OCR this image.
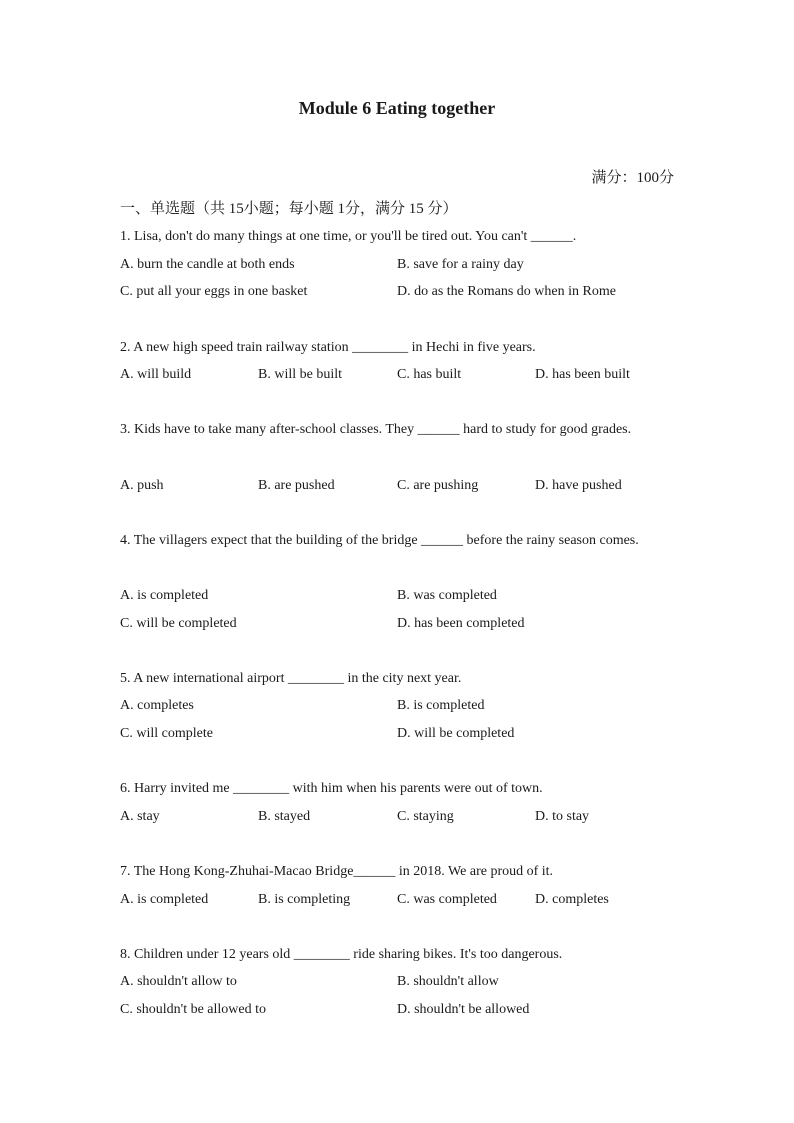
Module 6 Eating together
满分：100分
一、单选题（共 15小题；每小题 1分，满分 15 分）
1. Lisa, don't do many things at one time, or you'll be tired out. You can't ______.
A. burn the candle at both ends	B. save for a rainy day
C. put all your eggs in one basket	D. do as the Romans do when in Rome
2. A new high speed train railway station ________ in Hechi in five years.
A. will build	B. will be built	C. has built	D. has been built
3. Kids have to take many after-school classes. They ______ hard to study for good grades.
A. push	B. are pushed	C. are pushing	D. have pushed
4. The villagers expect that the building of the bridge ______ before the rainy season comes.
A. is completed	B. was completed
C. will be completed	D. has been completed
5. A new international airport ________ in the city next year.
A. completes	B. is completed
C. will complete	D. will be completed
6. Harry invited me ________ with him when his parents were out of town.
A. stay	B. stayed	C. staying	D. to stay
7. The Hong Kong-Zhuhai-Macao Bridge______ in 2018. We are proud of it.
A. is completed	B. is completing	C. was completed	D. completes
8. Children under 12 years old ________ ride sharing bikes. It's too dangerous.
A. shouldn't allow to	B. shouldn't allow
C. shouldn't be allowed to	D. shouldn't be allowed
